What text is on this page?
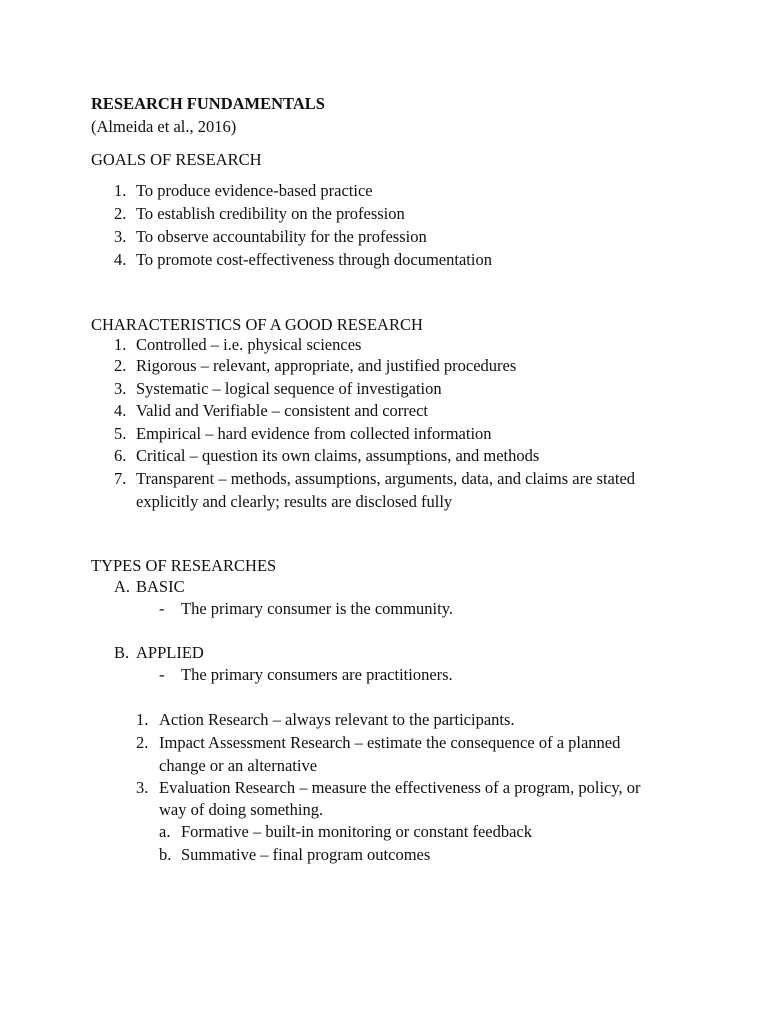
RESEARCH FUNDAMENTALS
(Almeida et al., 2016)
GOALS OF RESEARCH
1. To produce evidence-based practice
2. To establish credibility on the profession
3. To observe accountability for the profession
4. To promote cost-effectiveness through documentation
CHARACTERISTICS OF A GOOD RESEARCH
1. Controlled – i.e. physical sciences
2. Rigorous – relevant, appropriate, and justified procedures
3. Systematic – logical sequence of investigation
4. Valid and Verifiable – consistent and correct
5. Empirical – hard evidence from collected information
6. Critical – question its own claims, assumptions, and methods
7. Transparent – methods, assumptions, arguments, data, and claims are stated
explicitly and clearly; results are disclosed fully
TYPES OF RESEARCHES
A. BASIC
- The primary consumer is the community.
B. APPLIED
- The primary consumers are practitioners.
1. Action Research – always relevant to the participants.
2. Impact Assessment Research – estimate the consequence of a planned
change or an alternative
3. Evaluation Research – measure the effectiveness of a program, policy, or
way of doing something.
a. Formative – built-in monitoring or constant feedback
b. Summative – final program outcomes
